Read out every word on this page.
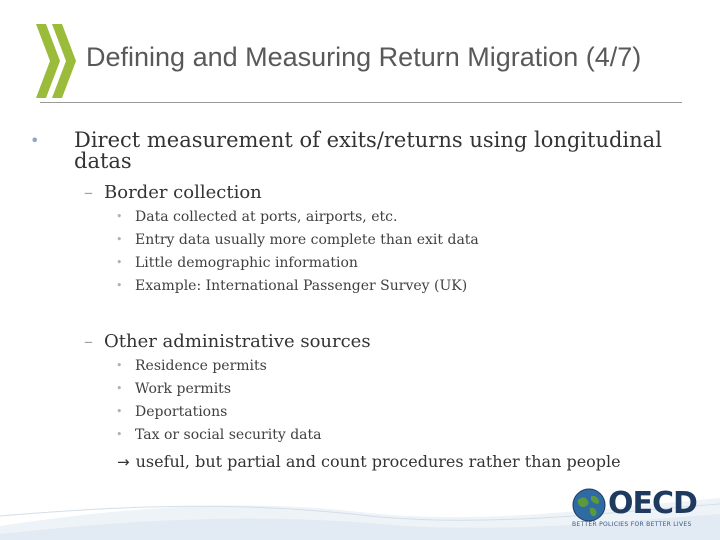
Defining and Measuring Return Migration (4/7)
• Direct measurement of exits/returns using longitudinal datas
– Border collection
• Data collected at ports, airports, etc.
• Entry data usually more complete than exit data
• Little demographic information
• Example: International Passenger Survey (UK)
– Other administrative sources
• Residence permits
• Work permits
• Deportations
• Tax or social security data
→ useful, but partial and count procedures rather than people
OECD
BETTER POLICIES FOR BETTER LIVES
